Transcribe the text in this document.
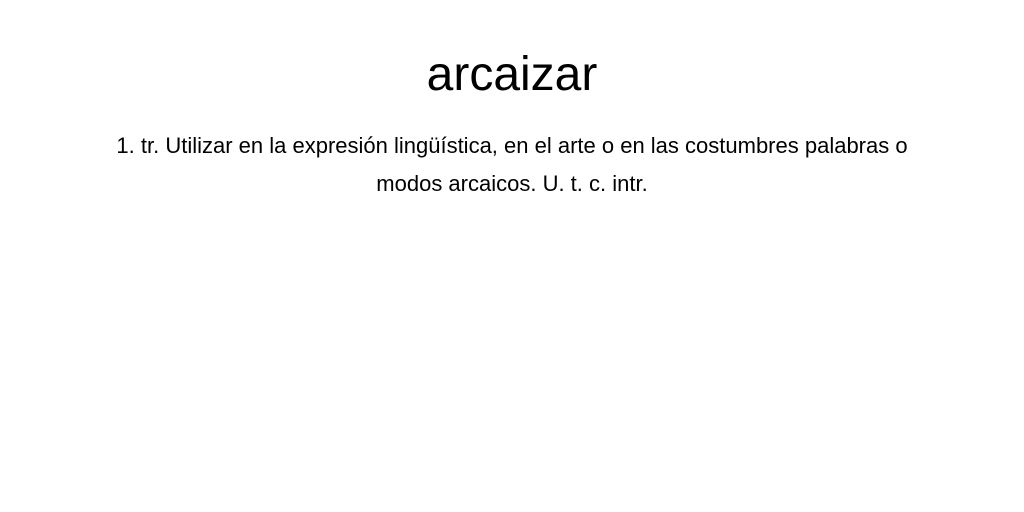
arcaizar

1. tr. Utilizar en la expresión lingüística, en el arte o en las costumbres palabras o modos arcaicos. U. t. c. intr.
